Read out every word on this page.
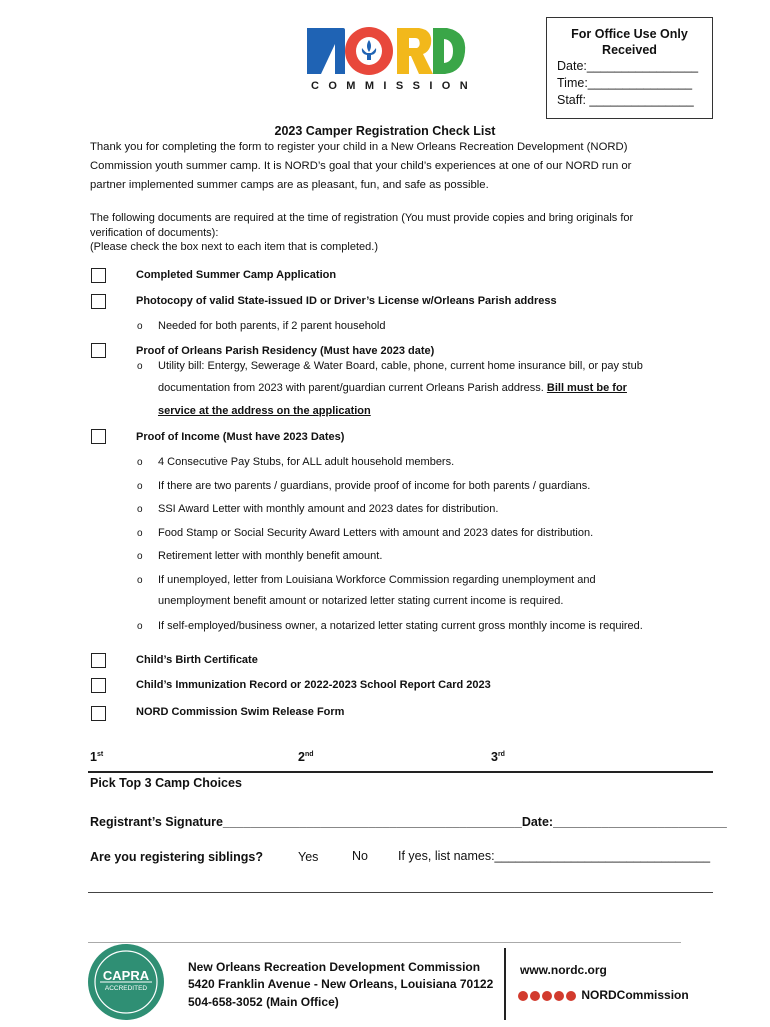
COMMISSION
For Office Use Only
Received
Date:________________
Time:_______________
Staff: _______________
2023 Camper Registration Check List
Thank you for completing the form to register your child in a New Orleans Recreation Development (NORD)
Commission youth summer camp. It is NORD’s goal that your child’s experiences at one of our NORD run or
partner implemented summer camps are as pleasant, fun, and safe as possible.
The following documents are required at the time of registration (You must provide copies and bring originals for
verification of documents):
(Please check the box next to each item that is completed.)
Completed Summer Camp Application
Photocopy of valid State-issued ID or Driver’s License w/Orleans Parish address
o Needed for both parents, if 2 parent household
Proof of Orleans Parish Residency (Must have 2023 date)
o Utility bill: Entergy, Sewerage & Water Board, cable, phone, current home insurance bill, or pay stub
documentation from 2023 with parent/guardian current Orleans Parish address. Bill must be for
service at the address on the application
Proof of Income (Must have 2023 Dates)
o 4 Consecutive Pay Stubs, for ALL adult household members.
o If there are two parents / guardians, provide proof of income for both parents / guardians.
o SSI Award Letter with monthly amount and 2023 dates for distribution.
o Food Stamp or Social Security Award Letters with amount and 2023 dates for distribution.
o Retirement letter with monthly benefit amount.
o If unemployed, letter from Louisiana Workforce Commission regarding unemployment and
unemployment benefit amount or notarized letter stating current income is required.
o If self-employed/business owner, a notarized letter stating current gross monthly income is required.
Child’s Birth Certificate
Child’s Immunization Record or 2022-2023 School Report Card 2023
NORD Commission Swim Release Form
1st	2nd	3rd
Pick Top 3 Camp Choices
Registrant’s Signature___________________________________________Date:_________________________
Are you registering siblings?	Yes	No If yes, list names:_______________________________
CAPRA
ACCREDITED
New Orleans Recreation Development Commission
5420 Franklin Avenue - New Orleans, Louisiana 70122
504-658-3052 (Main Office)
www.nordc.org
NORDCommission
